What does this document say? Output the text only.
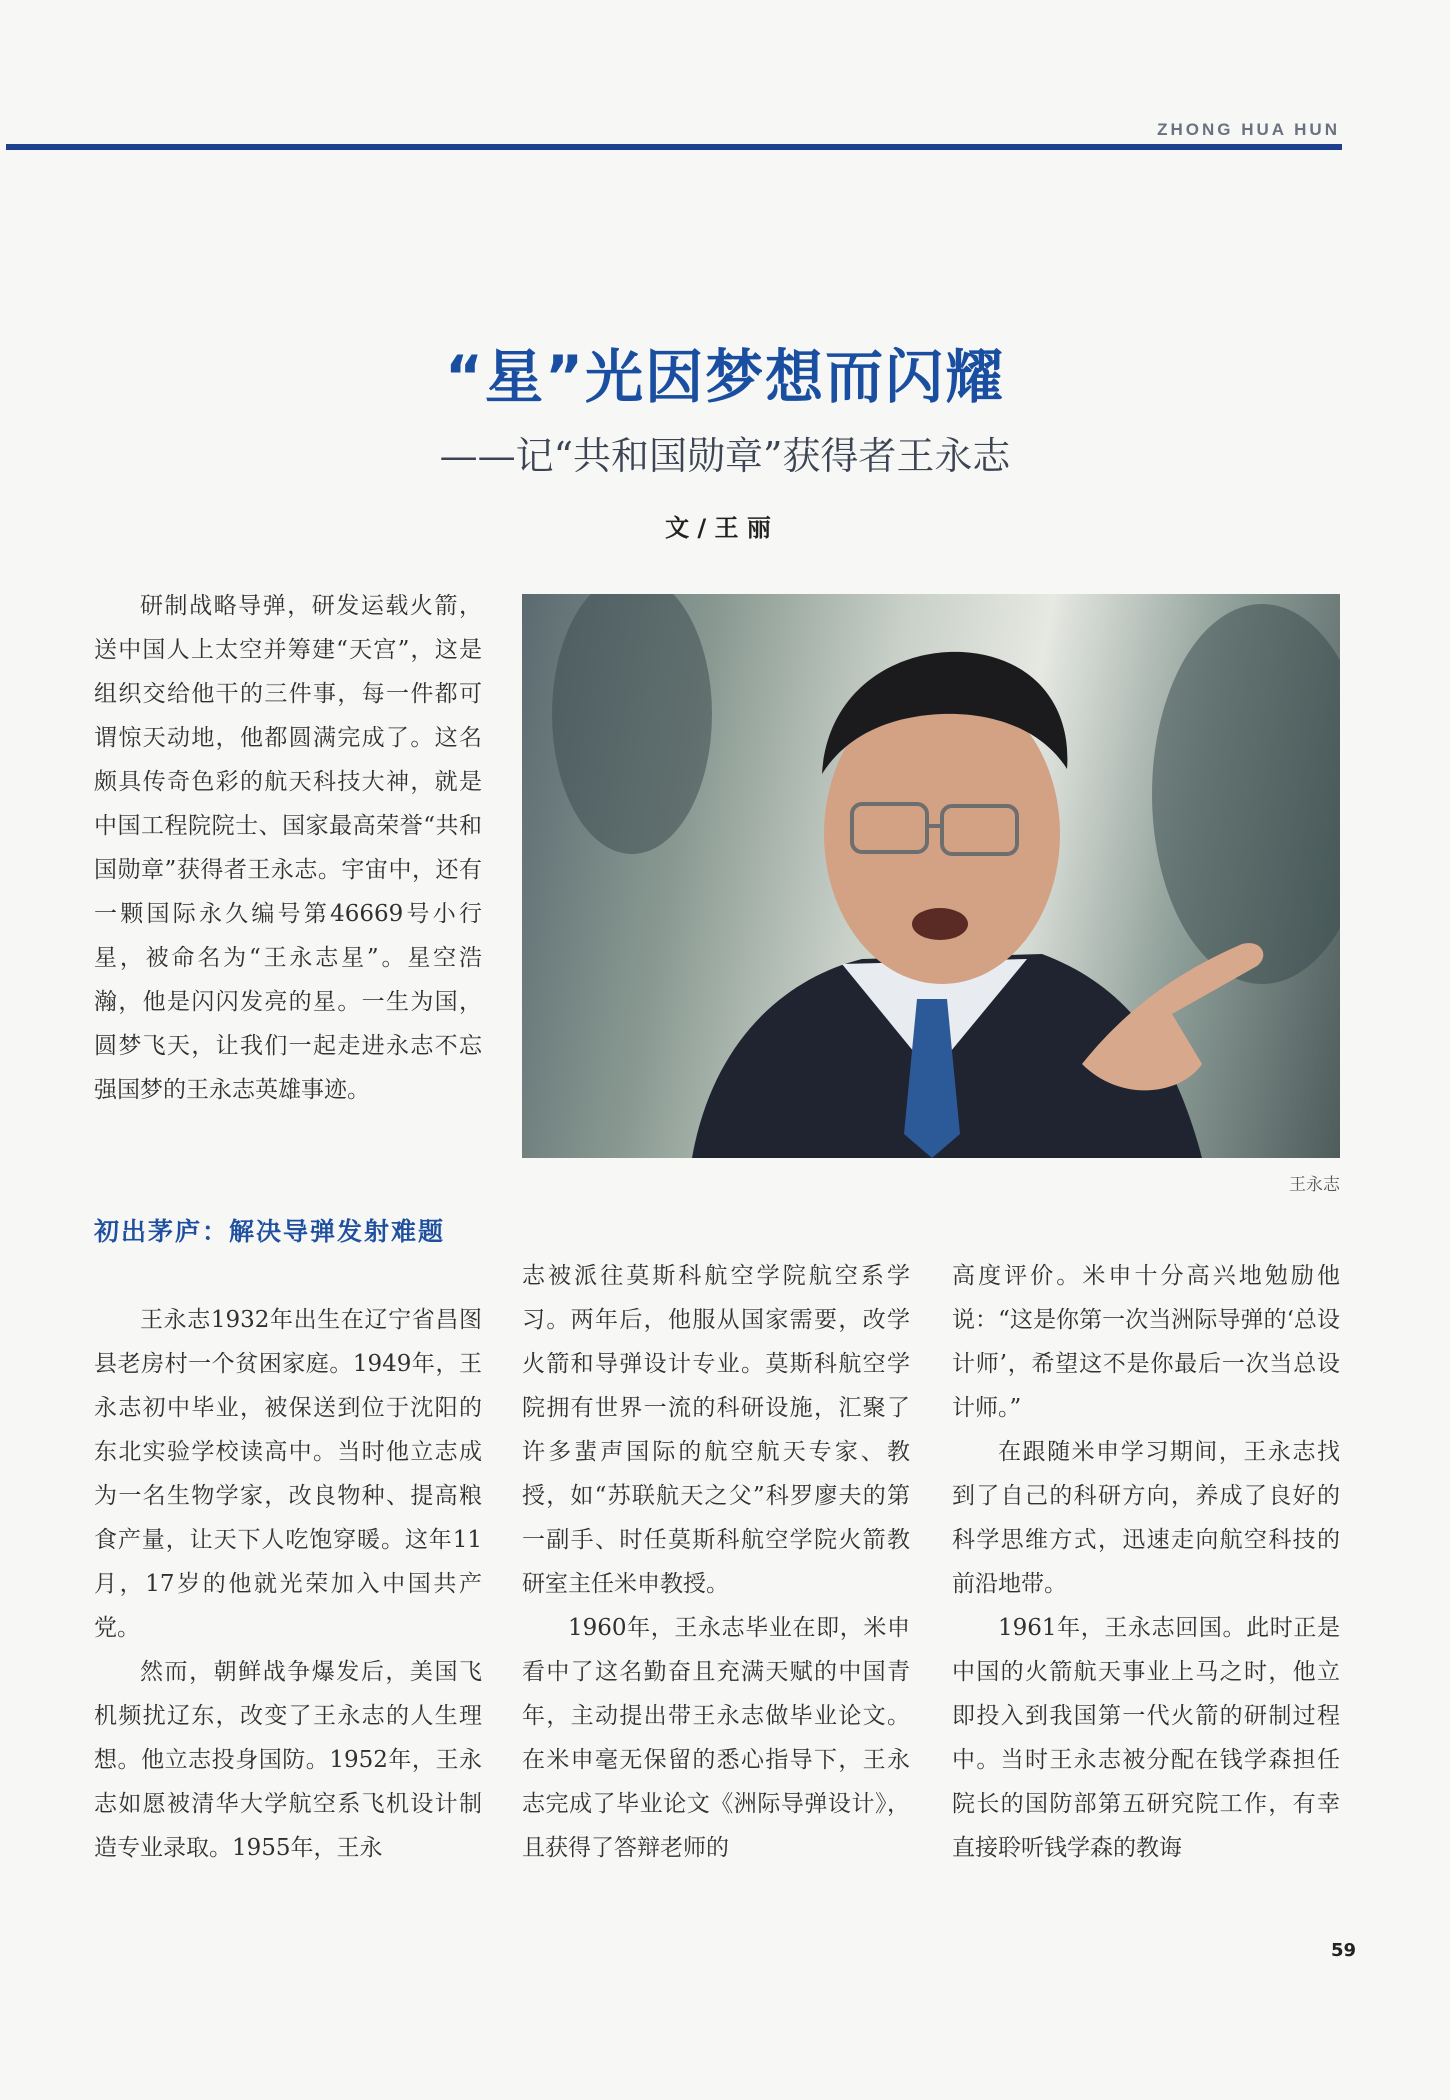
ZHONG HUA HUN
“星”光因梦想而闪耀
——记“共和国勋章”获得者王永志
文 / 王 丽
研制战略导弹，研发运载火箭，送中国人上太空并筹建“天宫”，这是组织交给他干的三件事，每一件都可谓惊天动地，他都圆满完成了。这名颇具传奇色彩的航天科技大神，就是中国工程院院士、国家最高荣誉“共和国勋章”获得者王永志。宇宙中，还有一颗国际永久编号第46669号小行星，被命名为“王永志星”。星空浩瀚，他是闪闪发亮的星。一生为国，圆梦飞天，让我们一起走进永志不忘强国梦的王永志英雄事迹。
王永志
初出茅庐：解决导弹发射难题

王永志1932年出生在辽宁省昌图县老房村一个贫困家庭。1949年，王永志初中毕业，被保送到位于沈阳的东北实验学校读高中。当时他立志成为一名生物学家，改良物种、提高粮食产量，让天下人吃饱穿暖。这年11月，17岁的他就光荣加入中国共产党。

然而，朝鲜战争爆发后，美国飞机频扰辽东，改变了王永志的人生理想。他立志投身国防。1952年，王永志如愿被清华大学航空系飞机设计制造专业录取。1955年，王永

志被派往莫斯科航空学院航空系学习。两年后，他服从国家需要，改学火箭和导弹设计专业。莫斯科航空学院拥有世界一流的科研设施，汇聚了许多蜚声国际的航空航天专家、教授，如“苏联航天之父”科罗廖夫的第一副手、时任莫斯科航空学院火箭教研室主任米申教授。

1960年，王永志毕业在即，米申看中了这名勤奋且充满天赋的中国青年，主动提出带王永志做毕业论文。在米申毫无保留的悉心指导下，王永志完成了毕业论文《洲际导弹设计》，且获得了答辩老师的

高度评价。米申十分高兴地勉励他说：“这是你第一次当洲际导弹的‘总设计师’，希望这不是你最后一次当总设计师。”

在跟随米申学习期间，王永志找到了自己的科研方向，养成了良好的科学思维方式，迅速走向航空科技的前沿地带。

1961年，王永志回国。此时正是中国的火箭航天事业上马之时，他立即投入到我国第一代火箭的研制过程中。当时王永志被分配在钱学森担任院长的国防部第五研究院工作，有幸直接聆听钱学森的教诲

59
